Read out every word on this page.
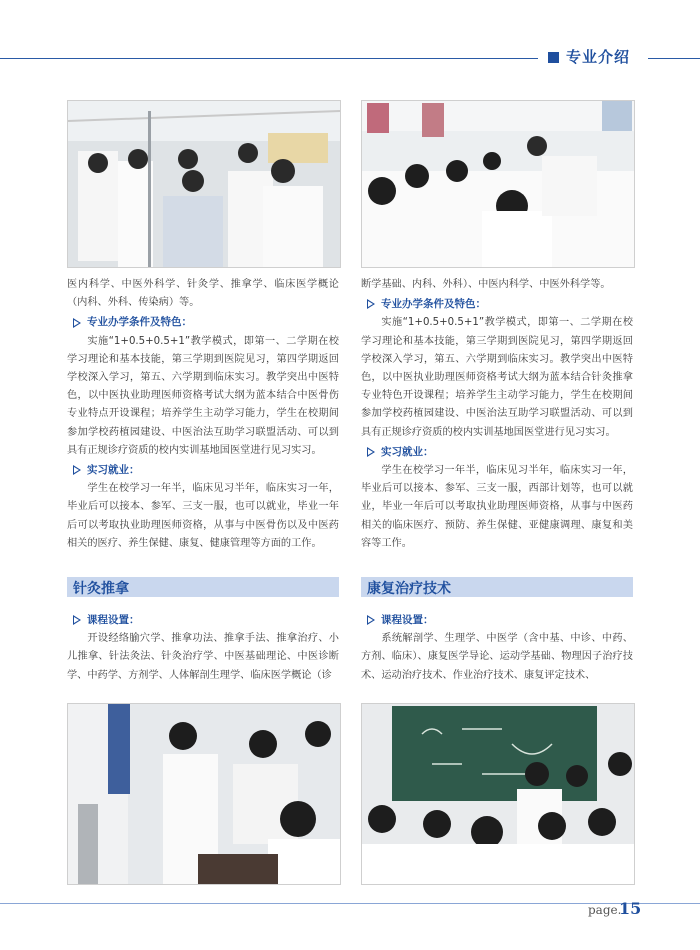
专业介绍

医内科学、中医外科学、针灸学、推拿学、临床医学概论（内科、外科、传染病）等。

专业办学条件及特色：

实施“1+0.5+0.5+1”教学模式，即第一、二学期在校学习理论和基本技能，第三学期到医院见习，第四学期返回学校深入学习，第五、六学期到临床实习。教学突出中医特色，以中医执业助理医师资格考试大纲为蓝本结合中医骨伤专业特点开设课程；培养学生主动学习能力，学生在校期间参加学校药植园建设、中医治法互助学习联盟活动、可以到具有正规诊疗资质的校内实训基地国医堂进行见习实习。

实习就业：

学生在校学习一年半，临床见习半年，临床实习一年，毕业后可以接本、参军、三支一服，也可以就业，毕业一年后可以考取执业助理医师资格，从事与中医骨伤以及中医药相关的医疗、养生保健、康复、健康管理等方面的工作。

断学基础、内科、外科）、中医内科学、中医外科学等。

专业办学条件及特色：

实施“1+0.5+0.5+1”教学模式，即第一、二学期在校学习理论和基本技能，第三学期到医院见习，第四学期返回学校深入学习，第五、六学期到临床实习。教学突出中医特色，以中医执业助理医师资格考试大纲为蓝本结合针灸推拿专业特色开设课程；培养学生主动学习能力，学生在校期间参加学校药植园建设、中医治法互助学习联盟活动、可以到具有正规诊疗资质的校内实训基地国医堂进行见习实习。

实习就业：

学生在校学习一年半，临床见习半年，临床实习一年，毕业后可以接本、参军、三支一服，西部计划等，也可以就业，毕业一年后可以考取执业助理医师资格，从事与中医药相关的临床医疗、预防、养生保健、亚健康调理、康复和美容等工作。

针灸推拿	康复治疗技术
课程设置：

开设经络腧穴学、推拿功法、推拿手法、推拿治疗、小儿推拿、针法灸法、针灸治疗学、中医基础理论、中医诊断学、中药学、方剂学、人体解剖生理学、临床医学概论（诊

课程设置：

系统解剖学、生理学、中医学（含中基、中诊、中药、方剂、临床）、康复医学导论、运动学基础、物理因子治疗技术、运动治疗技术、作业治疗技术、康复评定技术、

page.
15
